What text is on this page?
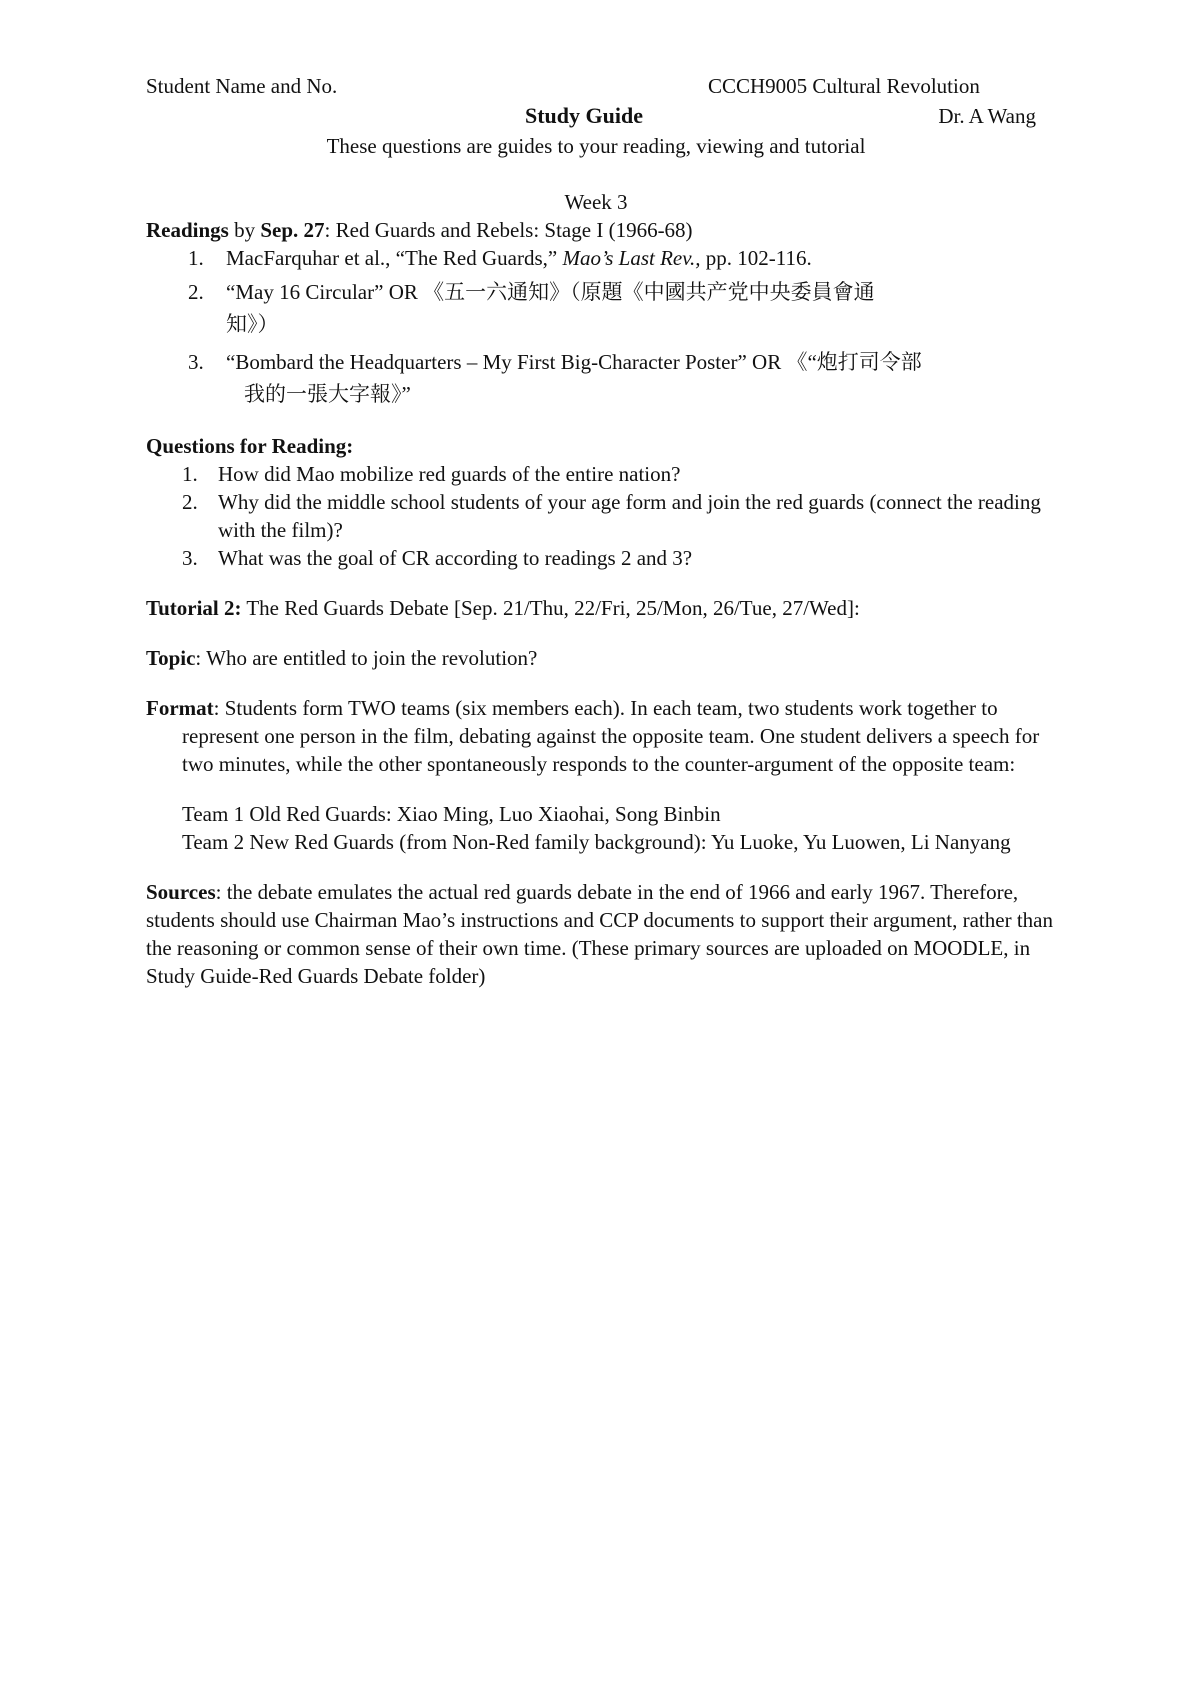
Student Name and No.	CCCH9005 Cultural Revolution
Study Guide	Dr. A Wang
These questions are guides to your reading, viewing and tutorial
Week 3
Readings by Sep. 27: Red Guards and Rebels: Stage I (1966-68)
1. MacFarquhar et al., “The Red Guards,” Mao’s Last Rev., pp. 102-116.
2. “May 16 Circular” OR 《五一六通知》（原題《中國共产党中央委員會通
知》）
3. “Bombard the Headquarters – My First Big-Character Poster” OR 《“炮打司令部
我的一張大字報》”
Questions for Reading:
1. How did Mao mobilize red guards of the entire nation?
2. Why did the middle school students of your age form and join the red guards (connect the reading with the film)?
3. What was the goal of CR according to readings 2 and 3?
Tutorial 2: The Red Guards Debate [Sep. 21/Thu, 22/Fri, 25/Mon, 26/Tue, 27/Wed]:
Topic: Who are entitled to join the revolution?
Format: Students form TWO teams (six members each). In each team, two students work together to represent one person in the film, debating against the opposite team. One student delivers a speech for two minutes, while the other spontaneously responds to the counter-argument of the opposite team:
Team 1 Old Red Guards: Xiao Ming, Luo Xiaohai, Song Binbin
Team 2 New Red Guards (from Non-Red family background): Yu Luoke, Yu Luowen, Li Nanyang
Sources: the debate emulates the actual red guards debate in the end of 1966 and early 1967. Therefore, students should use Chairman Mao’s instructions and CCP documents to support their argument, rather than the reasoning or common sense of their own time. (These primary sources are uploaded on MOODLE, in Study Guide-Red Guards Debate folder)
